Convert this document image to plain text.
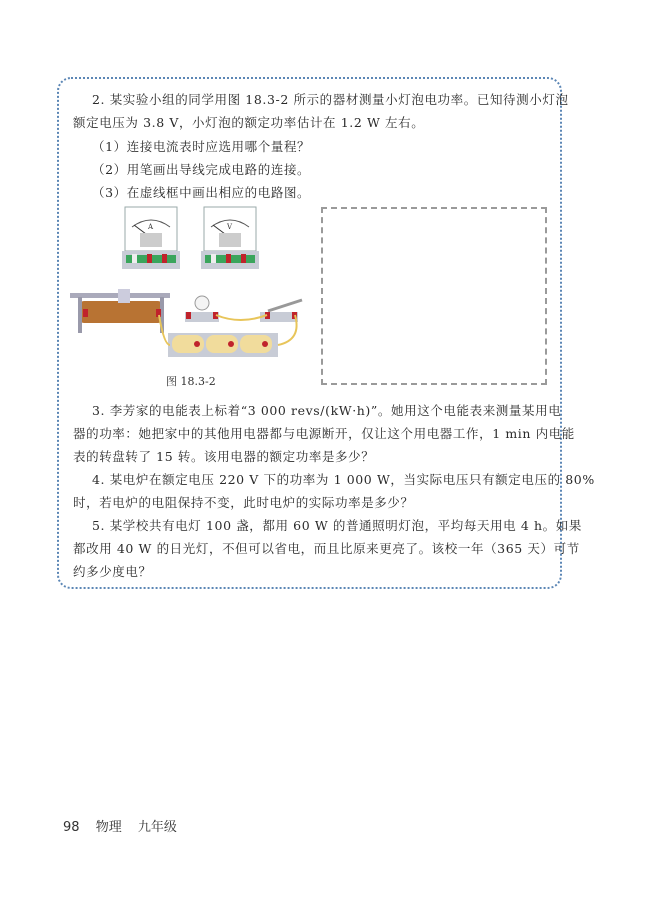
2. 某实验小组的同学用图 18.3-2 所示的器材测量小灯泡电功率。已知待测小灯泡
额定电压为 3.8 V，小灯泡的额定功率估计在 1.2 W 左右。
（1）连接电流表时应选用哪个量程？
（2）用笔画出导线完成电路的连接。
（3）在虚线框中画出相应的电路图。
A	V
图 18.3-2
3. 李芳家的电能表上标着“3 000 revs/(kW·h)”。她用这个电能表来测量某用电
器的功率：她把家中的其他用电器都与电源断开，仅让这个用电器工作，1 min 内电能
表的转盘转了 15 转。该用电器的额定功率是多少？
4. 某电炉在额定电压 220 V 下的功率为 1 000 W，当实际电压只有额定电压的 80%
时，若电炉的电阻保持不变，此时电炉的实际功率是多少？
5. 某学校共有电灯 100 盏，都用 60 W 的普通照明灯泡，平均每天用电 4 h。如果
都改用 40 W 的日光灯，不但可以省电，而且比原来更亮了。该校一年（365 天）可节
约多少度电？
98 物理 九年级
